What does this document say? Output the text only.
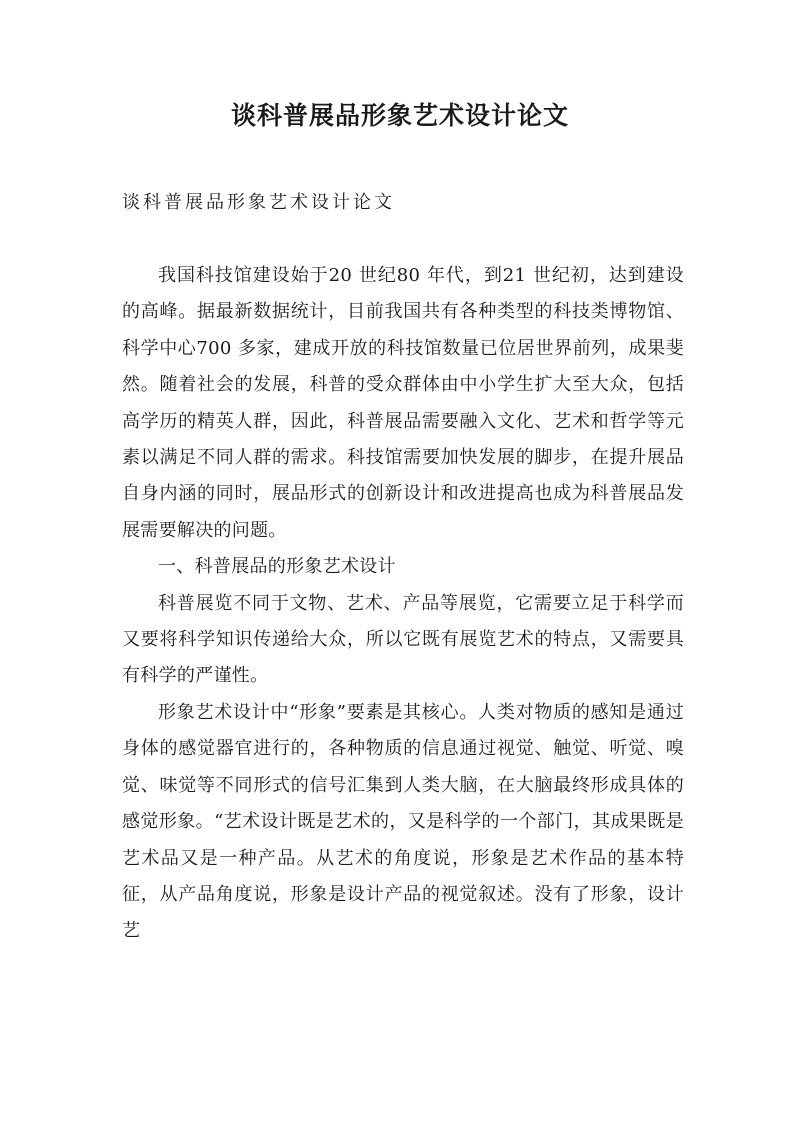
谈科普展品形象艺术设计论文
谈科普展品形象艺术设计论文

我国科技馆建设始于20 世纪80 年代，到21 世纪初，达到建设的高峰。据最新数据统计，目前我国共有各种类型的科技类博物馆、科学中心700 多家，建成开放的科技馆数量已位居世界前列，成果斐然。随着社会的发展，科普的受众群体由中小学生扩大至大众，包括高学历的精英人群，因此，科普展品需要融入文化、艺术和哲学等元素以满足不同人群的需求。科技馆需要加快发展的脚步，在提升展品自身内涵的同时，展品形式的创新设计和改进提高也成为科普展品发展需要解决的问题。

一、科普展品的形象艺术设计

科普展览不同于文物、艺术、产品等展览，它需要立足于科学而又要将科学知识传递给大众，所以它既有展览艺术的特点，又需要具有科学的严谨性。

形象艺术设计中“形象”要素是其核心。人类对物质的感知是通过身体的感觉器官进行的，各种物质的信息通过视觉、触觉、听觉、嗅觉、味觉等不同形式的信号汇集到人类大脑，在大脑最终形成具体的感觉形象。“艺术设计既是艺术的，又是科学的一个部门，其成果既是艺术品又是一种产品。从艺术的角度说，形象是艺术作品的基本特征，从产品角度说，形象是设计产品的视觉叙述。没有了形象，设计艺
